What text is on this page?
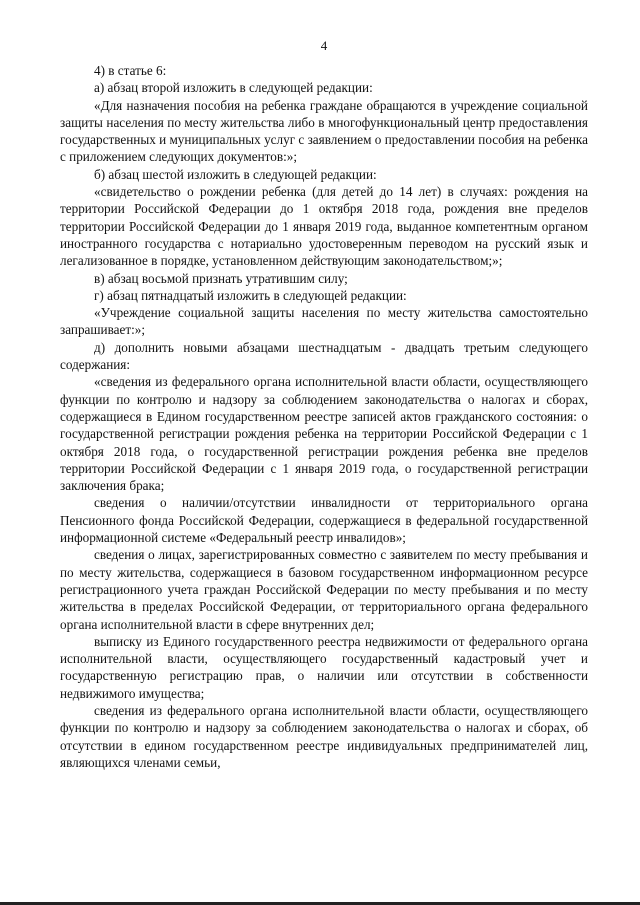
4

4) в статье 6:

а) абзац второй изложить в следующей редакции:

«Для назначения пособия на ребенка граждане обращаются в учреждение социальной защиты населения по месту жительства либо в многофункциональный центр предоставления государственных и муниципальных услуг с заявлением о предоставлении пособия на ребенка с приложением следующих документов:»;

б) абзац шестой изложить в следующей редакции:

«свидетельство о рождении ребенка (для детей до 14 лет) в случаях: рождения на территории Российской Федерации до 1 октября 2018 года, рождения вне пределов территории Российской Федерации до 1 января 2019 года, выданное компетентным органом иностранного государства с нотариально удостоверенным переводом на русский язык и легализованное в порядке, установленном действующим законодательством;»;

в) абзац восьмой признать утратившим силу;

г) абзац пятнадцатый изложить в следующей редакции:

«Учреждение социальной защиты населения по месту жительства самостоятельно запрашивает:»;

д) дополнить новыми абзацами шестнадцатым - двадцать третьим следующего содержания:

«сведения из федерального органа исполнительной власти области, осуществляющего функции по контролю и надзору за соблюдением законодательства о налогах и сборах, содержащиеся в Едином государственном реестре записей актов гражданского состояния: о государственной регистрации рождения ребенка на территории Российской Федерации с 1 октября 2018 года, о государственной регистрации рождения ребенка вне пределов территории Российской Федерации с 1 января 2019 года, о государственной регистрации заключения брака;

сведения о наличии/отсутствии инвалидности от территориального органа Пенсионного фонда Российской Федерации, содержащиеся в федеральной государственной информационной системе «Федеральный реестр инвалидов»;

сведения о лицах, зарегистрированных совместно с заявителем по месту пребывания и по месту жительства, содержащиеся в базовом государственном информационном ресурсе регистрационного учета граждан Российской Федерации по месту пребывания и по месту жительства в пределах Российской Федерации, от территориального органа федерального органа исполнительной власти в сфере внутренних дел;

выписку из Единого государственного реестра недвижимости от федерального органа исполнительной власти, осуществляющего государственный кадастровый учет и государственную регистрацию прав, о наличии или отсутствии в собственности недвижимого имущества;

сведения из федерального органа исполнительной власти области, осуществляющего функции по контролю и надзору за соблюдением законодательства о налогах и сборах, об отсутствии в едином государственном реестре индивидуальных предпринимателей лиц, являющихся членами семьи,
